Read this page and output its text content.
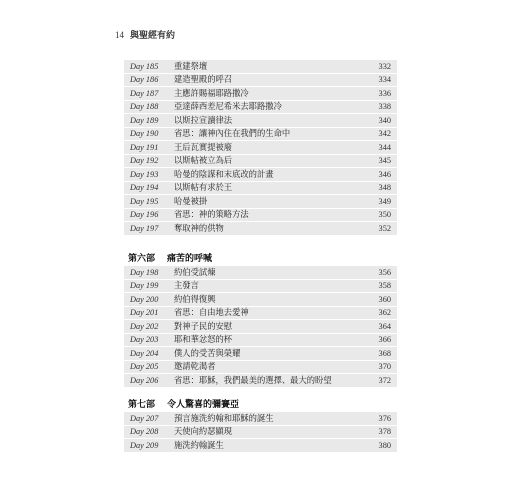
14 與聖經有約
Day 185	重建祭壇	332
Day 186	建造聖殿的呼召	334
Day 187	主應許賜福耶路撒冷	336
Day 188	亞達薛西差尼希米去耶路撒冷	338
Day 189	以斯拉宣讀律法	340
Day 190	省思：讓神內住在我們的生命中	342
Day 191	王后瓦實提被廢	344
Day 192	以斯帖被立為后	345
Day 193	哈曼的陰謀和末底改的計畫	346
Day 194	以斯帖有求於王	348
Day 195	哈曼被掛	349
Day 196	省思：神的策略方法	350
Day 197	奪取神的供物	352
第六部 痛苦的呼喊
Day 198	約伯受試煉	356
Day 199	主發言	358
Day 200	約伯得復興	360
Day 201	省思：自由地去愛神	362
Day 202	對神子民的安慰	364
Day 203	耶和華忿怒的杯	366
Day 204	僕人的受苦與榮耀	368
Day 205	邀請乾渴者	370
Day 206	省思：耶穌，我們最美的選擇、最大的盼望	372
第七部 令人驚喜的彌賽亞
Day 207	預言施洗約翰和耶穌的誕生	376
Day 208	天使向約瑟顯現	378
Day 209	施洗約翰誕生	380
